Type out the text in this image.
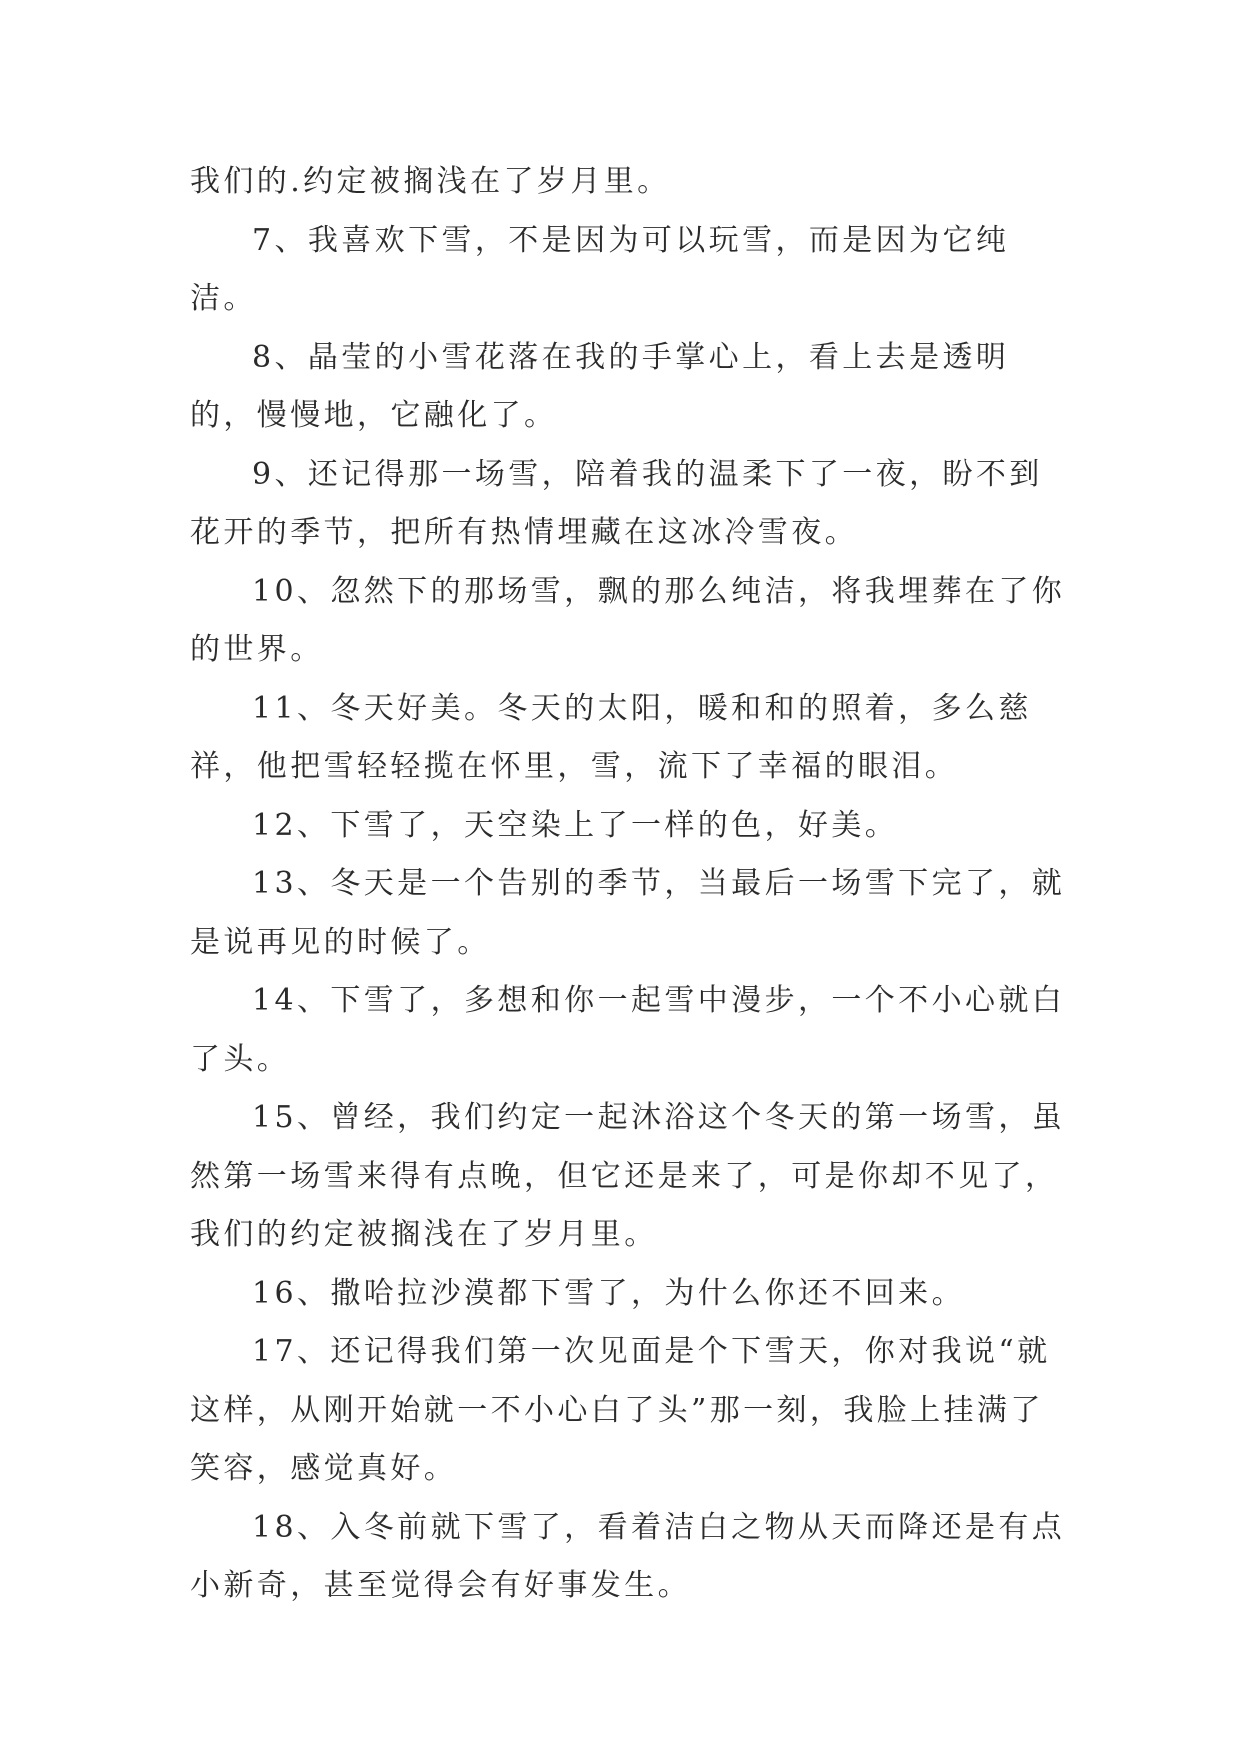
我们的.约定被搁浅在了岁月里。

7、我喜欢下雪，不是因为可以玩雪，而是因为它纯洁。

8、晶莹的小雪花落在我的手掌心上，看上去是透明的，慢慢地，它融化了。

9、还记得那一场雪，陪着我的温柔下了一夜，盼不到花开的季节，把所有热情埋藏在这冰冷雪夜。

10、忽然下的那场雪，飘的那么纯洁，将我埋葬在了你的世界。

11、冬天好美。冬天的太阳，暖和和的照着，多么慈祥，他把雪轻轻揽在怀里，雪，流下了幸福的眼泪。

12、下雪了，天空染上了一样的色，好美。

13、冬天是一个告别的季节，当最后一场雪下完了，就是说再见的时候了。

14、下雪了，多想和你一起雪中漫步，一个不小心就白了头。

15、曾经，我们约定一起沐浴这个冬天的第一场雪，虽然第一场雪来得有点晚，但它还是来了，可是你却不见了，我们的约定被搁浅在了岁月里。

16、撒哈拉沙漠都下雪了，为什么你还不回来。

17、还记得我们第一次见面是个下雪天，你对我说“就这样，从刚开始就一不小心白了头”那一刻，我脸上挂满了笑容，感觉真好。

18、入冬前就下雪了，看着洁白之物从天而降还是有点小新奇，甚至觉得会有好事发生。
